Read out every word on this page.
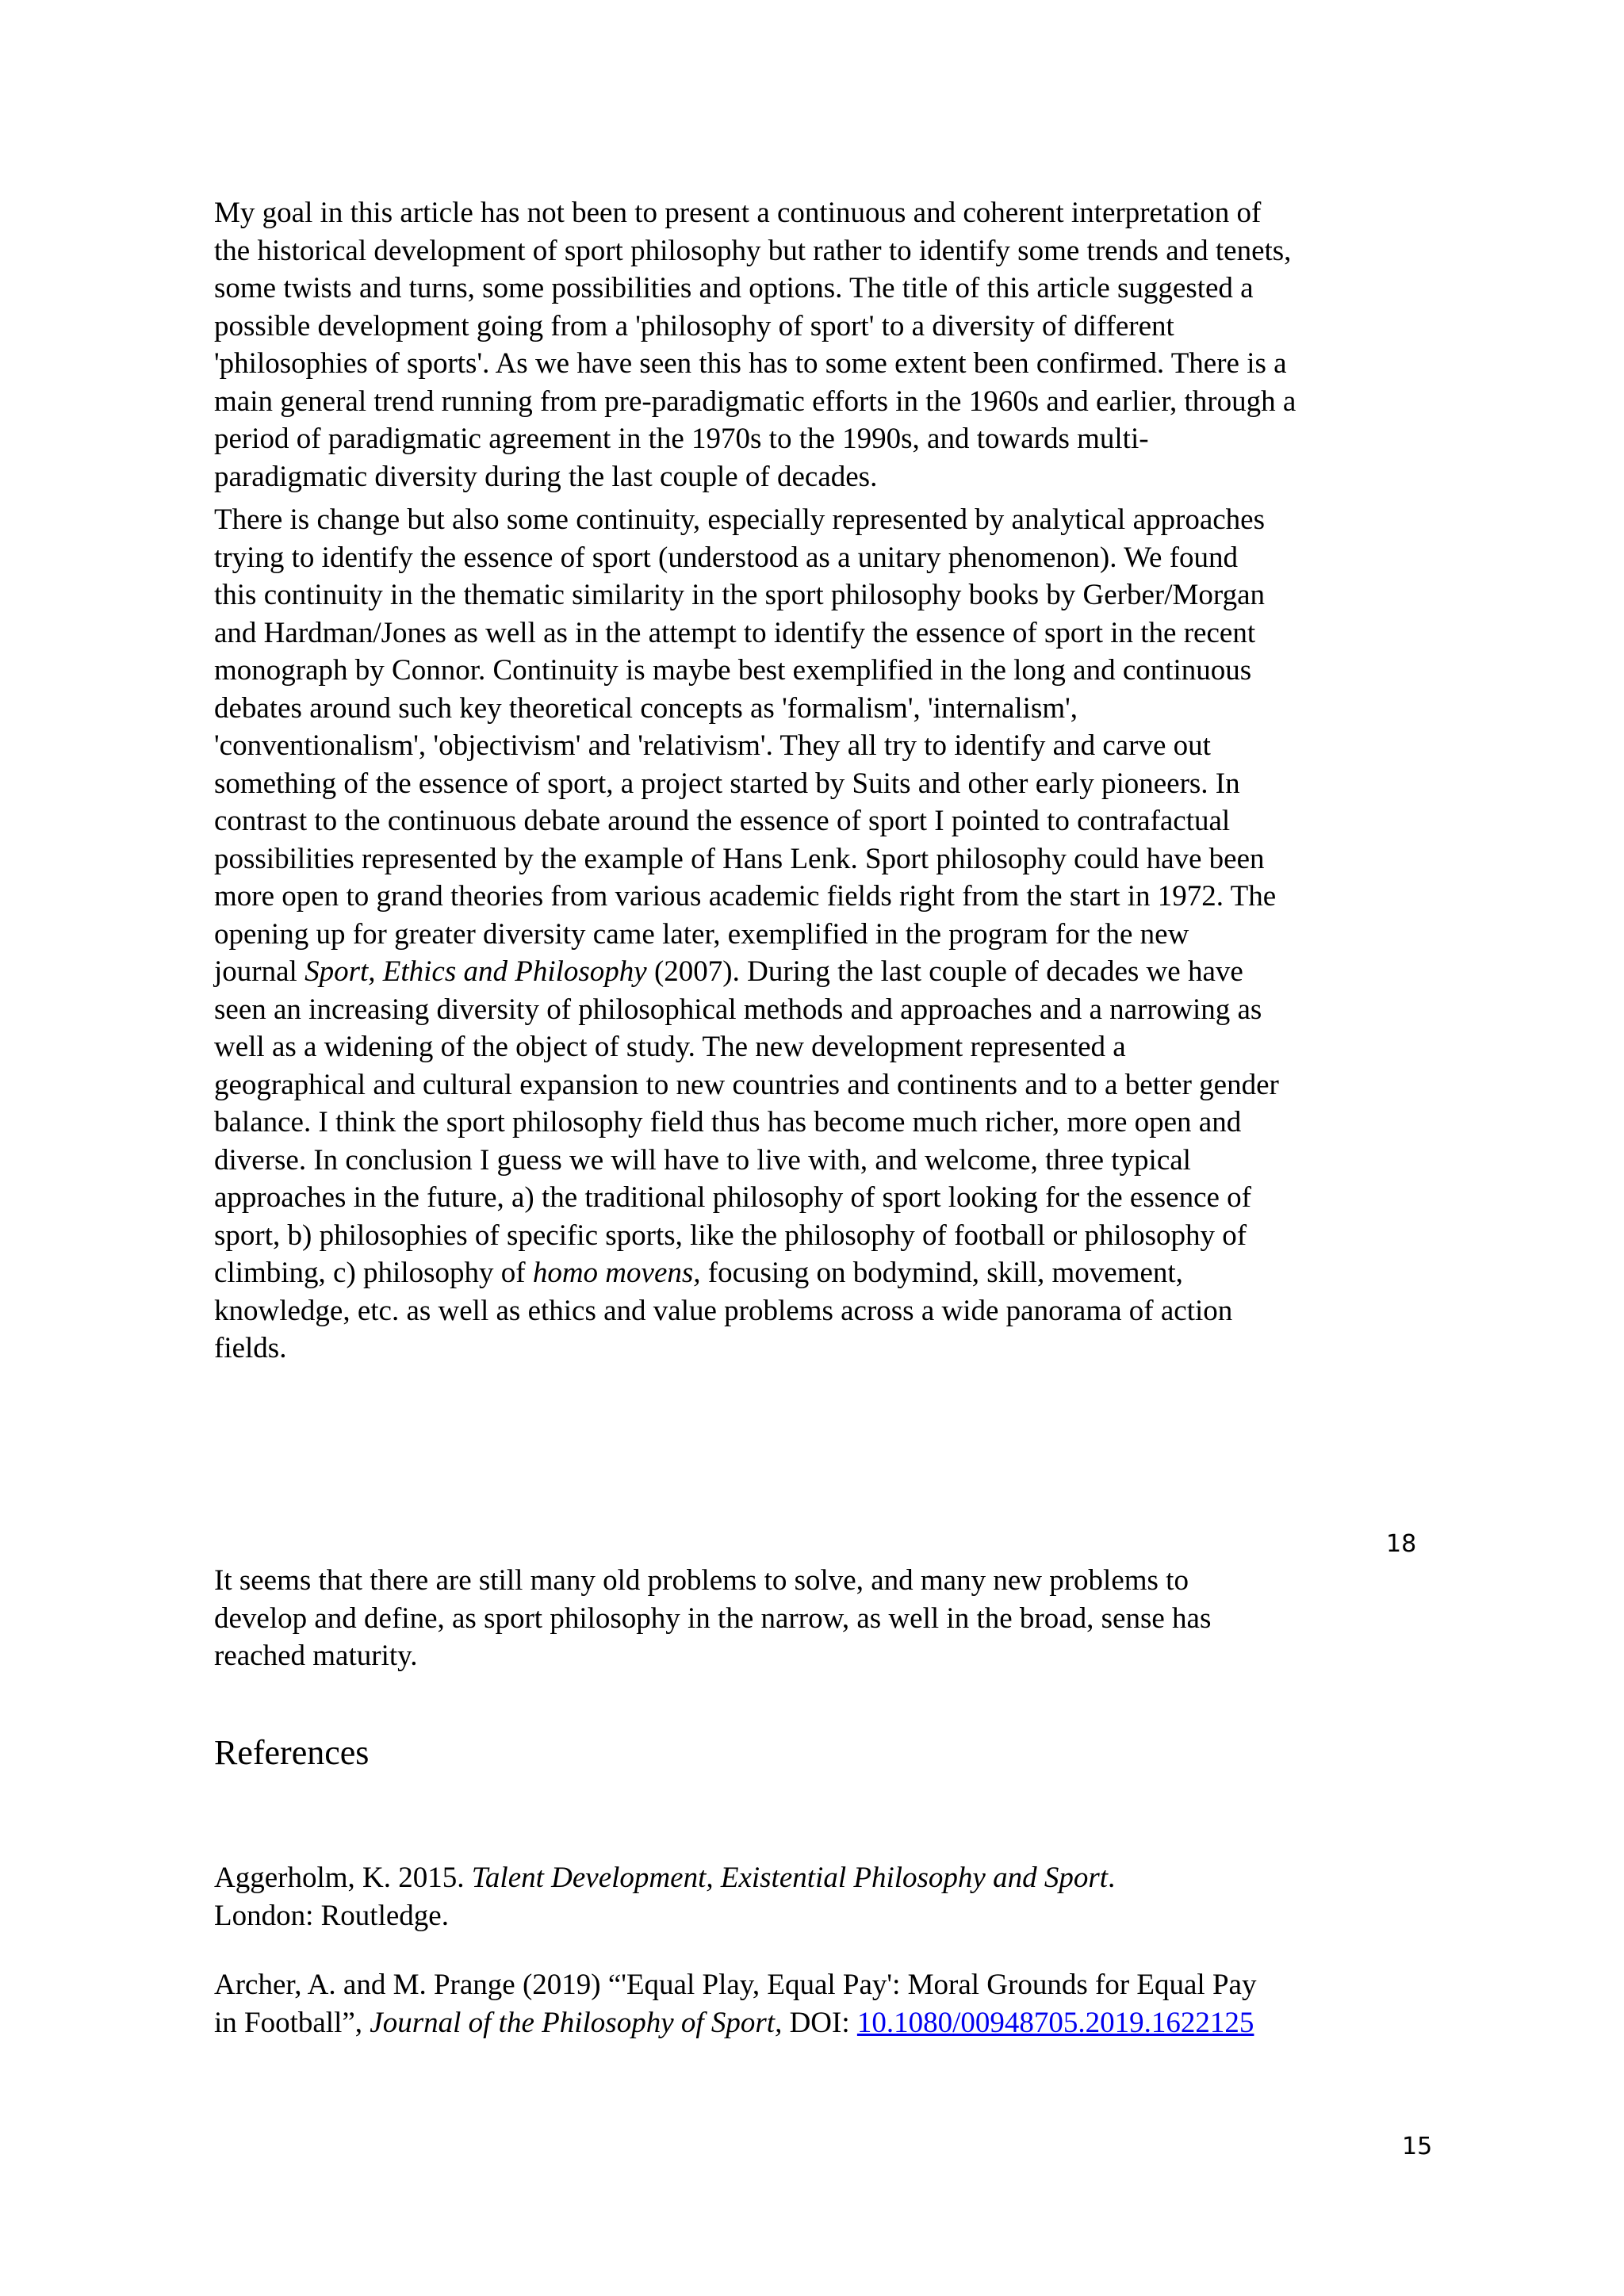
My goal in this article has not been to present a continuous and coherent interpretation of
the historical development of sport philosophy but rather to identify some trends and tenets,
some twists and turns, some possibilities and options. The title of this article suggested a
possible development going from a 'philosophy of sport' to a diversity of different
'philosophies of sports'. As we have seen this has to some extent been confirmed. There is a
main general trend running from pre-paradigmatic efforts in the 1960s and earlier, through a
period of paradigmatic agreement in the 1970s to the 1990s, and towards multi-
paradigmatic diversity during the last couple of decades.

There is change but also some continuity, especially represented by analytical approaches
trying to identify the essence of sport (understood as a unitary phenomenon). We found
this continuity in the thematic similarity in the sport philosophy books by Gerber/Morgan
and Hardman/Jones as well as in the attempt to identify the essence of sport in the recent
monograph by Connor. Continuity is maybe best exemplified in the long and continuous
debates around such key theoretical concepts as 'formalism', 'internalism',
'conventionalism', 'objectivism' and 'relativism'. They all try to identify and carve out
something of the essence of sport, a project started by Suits and other early pioneers. In
contrast to the continuous debate around the essence of sport I pointed to contrafactual
possibilities represented by the example of Hans Lenk. Sport philosophy could have been
more open to grand theories from various academic fields right from the start in 1972. The
opening up for greater diversity came later, exemplified in the program for the new
journal Sport, Ethics and Philosophy (2007). During the last couple of decades we have
seen an increasing diversity of philosophical methods and approaches and a narrowing as
well as a widening of the object of study. The new development represented a
geographical and cultural expansion to new countries and continents and to a better gender
balance. I think the sport philosophy field thus has become much richer, more open and
diverse. In conclusion I guess we will have to live with, and welcome, three typical
approaches in the future, a) the traditional philosophy of sport looking for the essence of
sport, b) philosophies of specific sports, like the philosophy of football or philosophy of
climbing, c) philosophy of homo movens, focusing on bodymind, skill, movement,
knowledge, etc. as well as ethics and value problems across a wide panorama of action
fields.

18

It seems that there are still many old problems to solve, and many new problems to
develop and define, as sport philosophy in the narrow, as well in the broad, sense has
reached maturity.

References

Aggerholm, K. 2015. Talent Development, Existential Philosophy and Sport.
London: Routledge.

Archer, A. and M. Prange (2019) “'Equal Play, Equal Pay': Moral Grounds for Equal Pay
in Football”, Journal of the Philosophy of Sport, DOI: 10.1080/00948705.2019.1622125

15
